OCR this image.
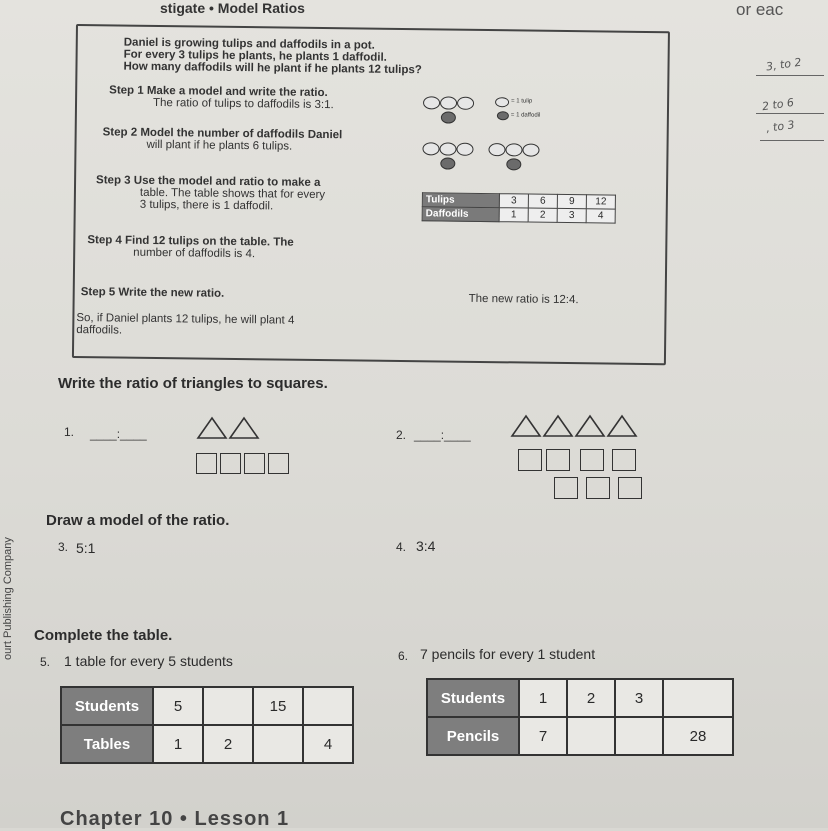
stigate • Model Ratios	or eac
3, to 2
2 to 6
, to 3
Daniel is growing tulips and daffodils in a pot.
For every 3 tulips he plants, he plants 1 daffodil.
How many daffodils will he plant if he plants 12 tulips?
Step 1 Make a model and write the ratio.
The ratio of tulips to daffodils is 3:1.	= 1 tulip
= 1 daffodil
Step 2 Model the number of daffodils Daniel
will plant if he plants 6 tulips.
Step 3 Use the model and ratio to make a
table. The table shows that for every
3 tulips, there is 1 daffodil.	Tulips	3	6	9	12
Daffodils	1	2	3	4
Step 4 Find 12 tulips on the table. The
number of daffodils is 4.
Step 5 Write the new ratio.	The new ratio is 12:4.
So, if Daniel plants 12 tulips, he will plant 4
daffodils.
Write the ratio of triangles to squares.
1. ____:____	2. ____:____
Draw a model of the ratio.
3. 5:1	4. 3:4
Complete the table.
5. 1 table for every 5 students
Students	5		15	
Tables	1	2		4
6. 7 pencils for every 1 student
Students	1	2	3	
Pencils	7			28
Chapter 10 • Lesson 1
ourt Publishing Company
